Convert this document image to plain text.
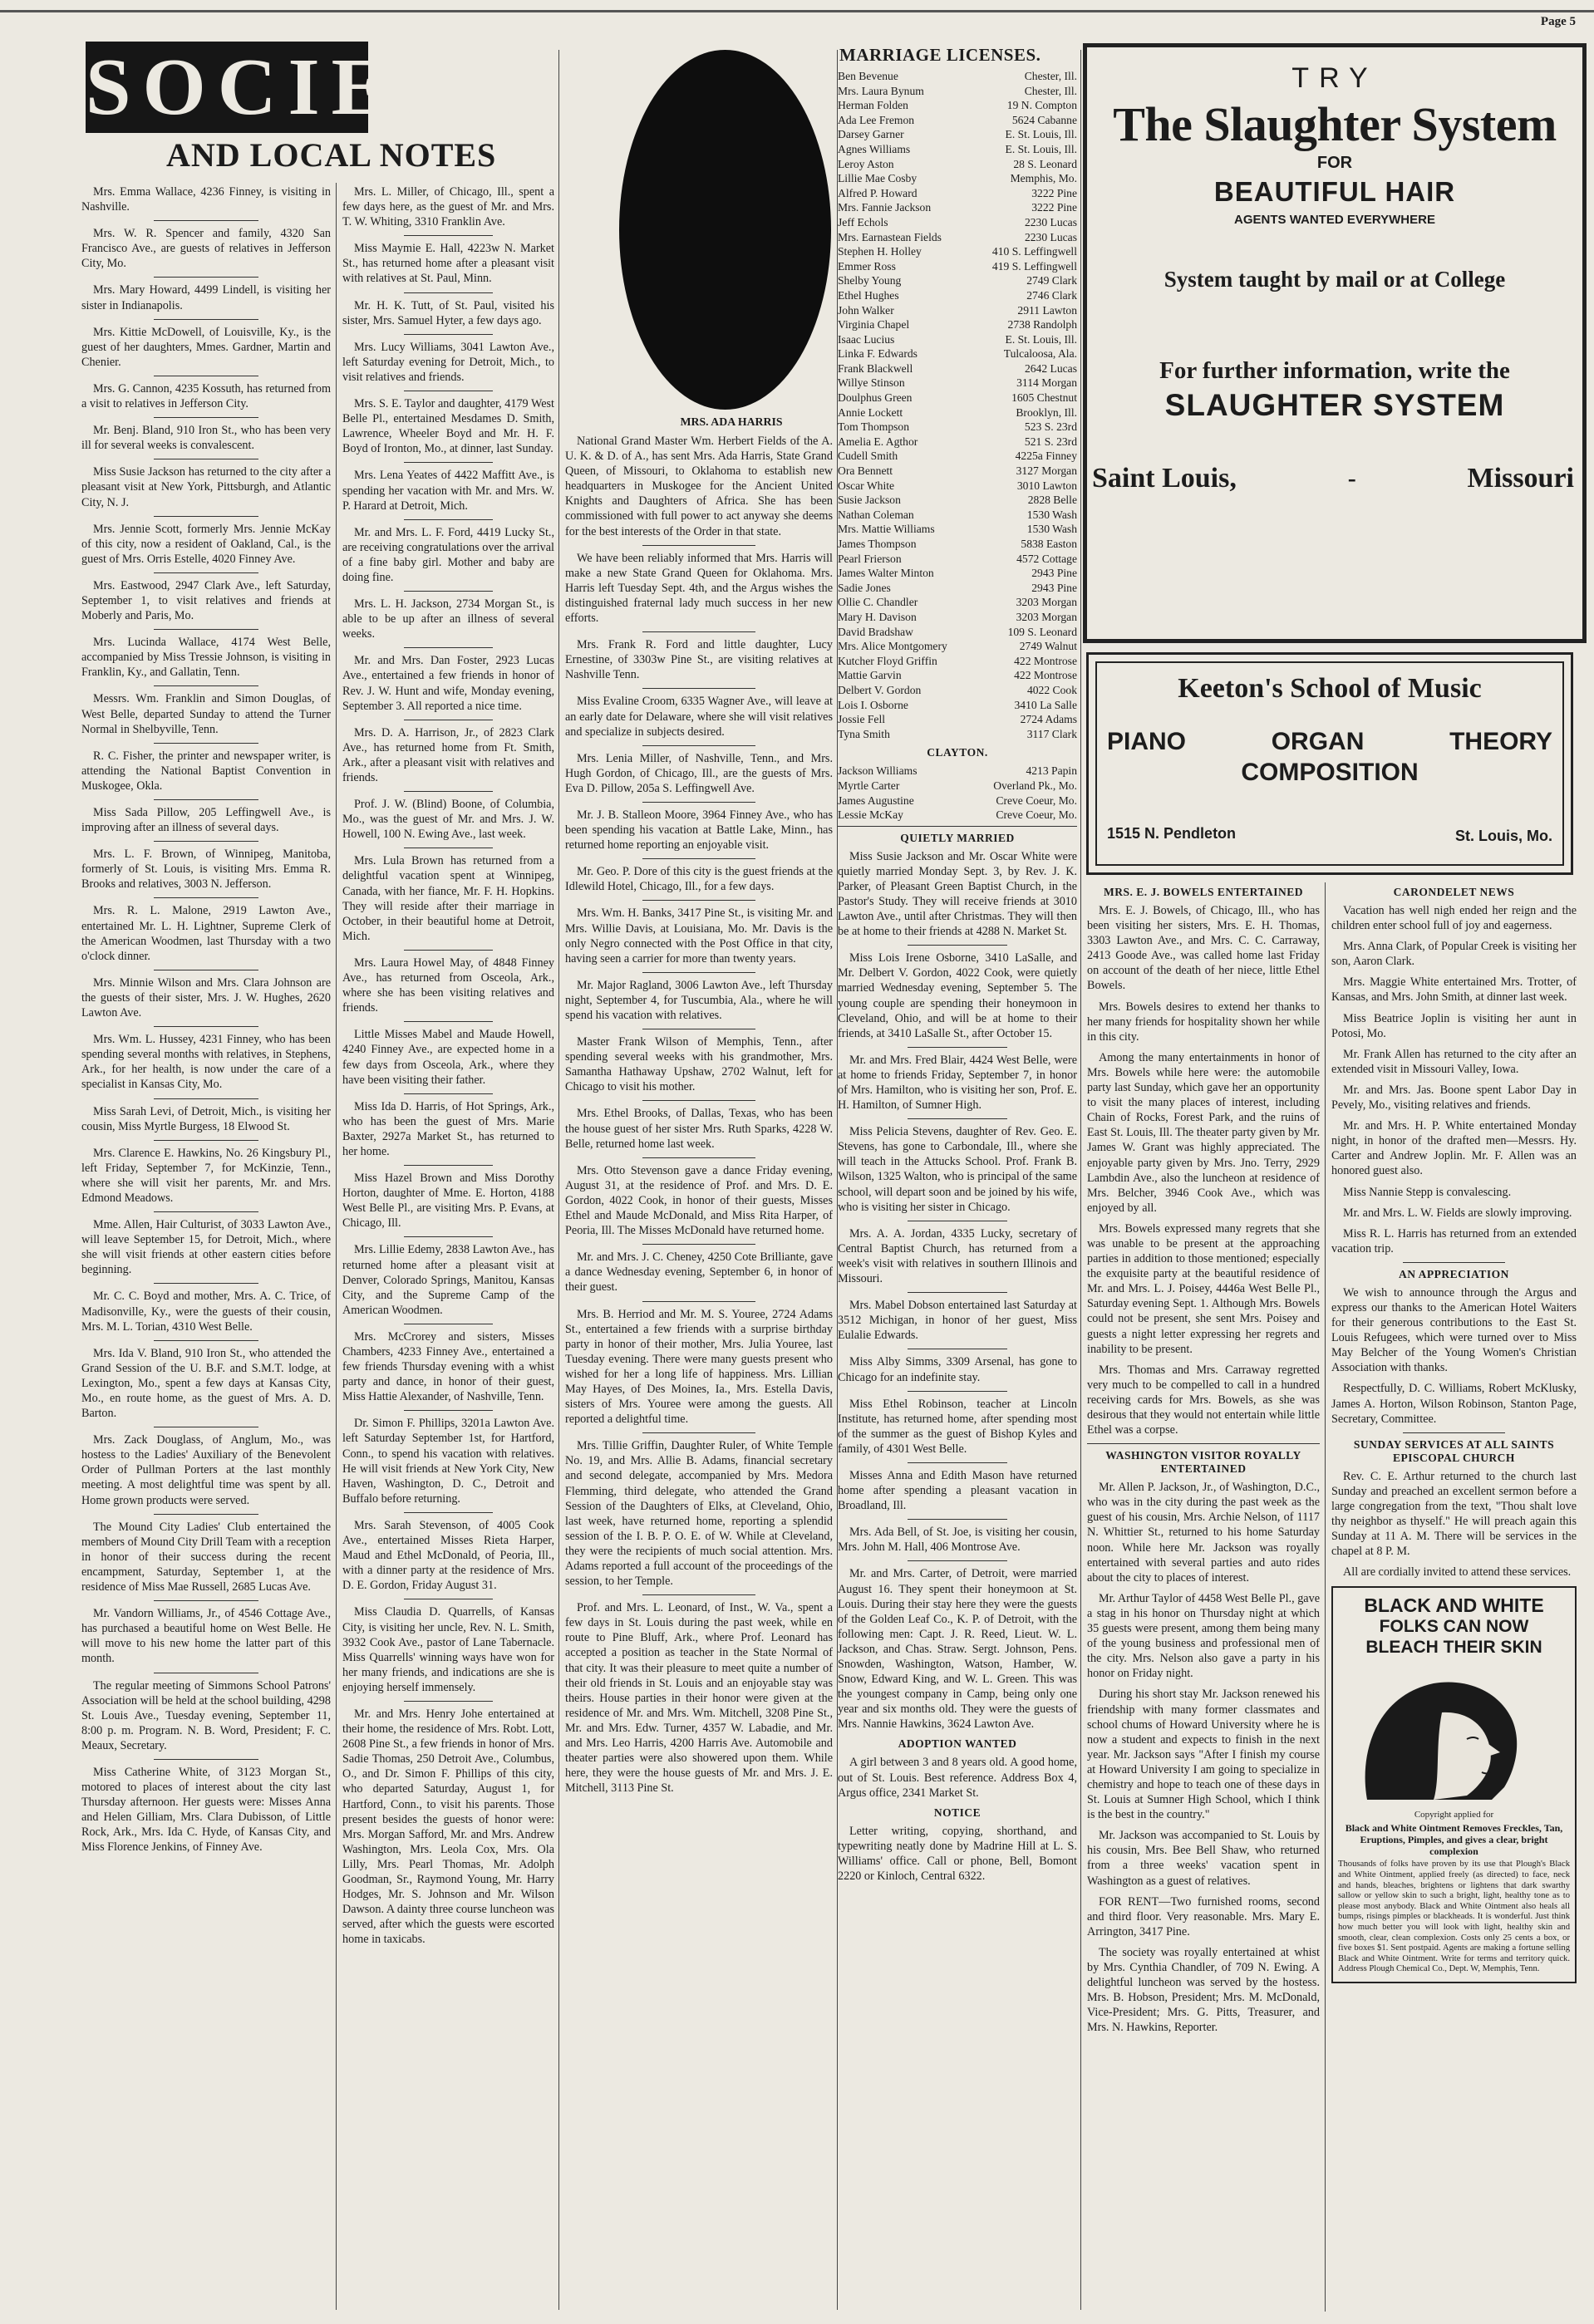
Page 5
SOCIETY
AND LOCAL NOTES

Mrs. Emma Wallace, 4236 Finney, is visiting in Nashville.

Mrs. W. R. Spencer and family, 4320 San Francisco Ave., are guests of relatives in Jefferson City, Mo.

Mrs. Mary Howard, 4499 Lindell, is visiting her sister in Indianapolis.

Mrs. Kittie McDowell, of Louisville, Ky., is the guest of her daughters, Mmes. Gardner, Martin and Chenier.

Mrs. G. Cannon, 4235 Kossuth, has returned from a visit to relatives in Jefferson City.

Mr. Benj. Bland, 910 Iron St., who has been very ill for several weeks is convalescent.

Miss Susie Jackson has returned to the city after a pleasant visit at New York, Pittsburgh, and Atlantic City, N. J.

Mrs. Jennie Scott, formerly Mrs. Jennie McKay of this city, now a resident of Oakland, Cal., is the guest of Mrs. Orris Estelle, 4020 Finney Ave.

Mrs. Eastwood, 2947 Clark Ave., left Saturday, September 1, to visit relatives and friends at Moberly and Paris, Mo.

Mrs. Lucinda Wallace, 4174 West Belle, accompanied by Miss Tressie Johnson, is visiting in Franklin, Ky., and Gallatin, Tenn.

Messrs. Wm. Franklin and Simon Douglas, of West Belle, departed Sunday to attend the Turner Normal in Shelbyville, Tenn.

R. C. Fisher, the printer and newspaper writer, is attending the National Baptist Convention in Muskogee, Okla.

Miss Sada Pillow, 205 Leffingwell Ave., is improving after an illness of several days.

Mrs. L. F. Brown, of Winnipeg, Manitoba, formerly of St. Louis, is visiting Mrs. Emma R. Brooks and relatives, 3003 N. Jefferson.

Mrs. R. L. Malone, 2919 Lawton Ave., entertained Mr. L. H. Lightner, Supreme Clerk of the American Woodmen, last Thursday with a two o'clock dinner.

Mrs. Minnie Wilson and Mrs. Clara Johnson are the guests of their sister, Mrs. J. W. Hughes, 2620 Lawton Ave.

Mrs. Wm. L. Hussey, 4231 Finney, who has been spending several months with relatives, in Stephens, Ark., for her health, is now under the care of a specialist in Kansas City, Mo.

Miss Sarah Levi, of Detroit, Mich., is visiting her cousin, Miss Myrtle Burgess, 18 Elwood St.

Mrs. Clarence E. Hawkins, No. 26 Kingsbury Pl., left Friday, September 7, for McKinzie, Tenn., where she will visit her parents, Mr. and Mrs. Edmond Meadows.

Mme. Allen, Hair Culturist, of 3033 Lawton Ave., will leave September 15, for Detroit, Mich., where she will visit friends at other eastern cities before beginning.

Mr. C. C. Boyd and mother, Mrs. A. C. Trice, of Madisonville, Ky., were the guests of their cousin, Mrs. M. L. Torian, 4310 West Belle.

Mrs. Ida V. Bland, 910 Iron St., who attended the Grand Session of the U. B.F. and S.M.T. lodge, at Lexington, Mo., spent a few days at Kansas City, Mo., en route home, as the guest of Mrs. A. D. Barton.

Mrs. Zack Douglass, of Anglum, Mo., was hostess to the Ladies' Auxiliary of the Benevolent Order of Pullman Porters at the last monthly meeting. A most delightful time was spent by all. Home grown products were served.

The Mound City Ladies' Club entertained the members of Mound City Drill Team with a reception in honor of their success during the recent encampment, Saturday, September 1, at the residence of Miss Mae Russell, 2685 Lucas Ave.

Mr. Vandorn Williams, Jr., of 4546 Cottage Ave., has purchased a beautiful home on West Belle. He will move to his new home the latter part of this month.

The regular meeting of Simmons School Patrons' Association will be held at the school building, 4298 St. Louis Ave., Tuesday evening, September 11, 8:00 p. m. Program. N. B. Word, President; F. C. Meaux, Secretary.

Miss Catherine White, of 3123 Morgan St., motored to places of interest about the city last Thursday afternoon. Her guests were: Misses Anna and Helen Gilliam, Mrs. Clara Dubisson, of Little Rock, Ark., Mrs. Ida C. Hyde, of Kansas City, and Miss Florence Jenkins, of Finney Ave.

Mrs. L. Miller, of Chicago, Ill., spent a few days here, as the guest of Mr. and Mrs. T. W. Whiting, 3310 Franklin Ave.

Miss Maymie E. Hall, 4223w N. Market St., has returned home after a pleasant visit with relatives at St. Paul, Minn.

Mr. H. K. Tutt, of St. Paul, visited his sister, Mrs. Samuel Hyter, a few days ago.

Mrs. Lucy Williams, 3041 Lawton Ave., left Saturday evening for Detroit, Mich., to visit relatives and friends.

Mrs. S. E. Taylor and daughter, 4179 West Belle Pl., entertained Mesdames D. Smith, Lawrence, Wheeler Boyd and Mr. H. F. Boyd of Ironton, Mo., at dinner, last Sunday.

Mrs. Lena Yeates of 4422 Maffitt Ave., is spending her vacation with Mr. and Mrs. W. P. Harard at Detroit, Mich.

Mr. and Mrs. L. F. Ford, 4419 Lucky St., are receiving congratulations over the arrival of a fine baby girl. Mother and baby are doing fine.

Mrs. L. H. Jackson, 2734 Morgan St., is able to be up after an illness of several weeks.

Mr. and Mrs. Dan Foster, 2923 Lucas Ave., entertained a few friends in honor of Rev. J. W. Hunt and wife, Monday evening, September 3. All reported a nice time.

Mrs. D. A. Harrison, Jr., of 2823 Clark Ave., has returned home from Ft. Smith, Ark., after a pleasant visit with relatives and friends.

Prof. J. W. (Blind) Boone, of Columbia, Mo., was the guest of Mr. and Mrs. J. W. Howell, 100 N. Ewing Ave., last week.

Mrs. Lula Brown has returned from a delightful vacation spent at Winnipeg, Canada, with her fiance, Mr. F. H. Hopkins. They will reside after their marriage in October, in their beautiful home at Detroit, Mich.

Mrs. Laura Howel May, of 4848 Finney Ave., has returned from Osceola, Ark., where she has been visiting relatives and friends.

Little Misses Mabel and Maude Howell, 4240 Finney Ave., are expected home in a few days from Osceola, Ark., where they have been visiting their father.

Miss Ida D. Harris, of Hot Springs, Ark., who has been the guest of Mrs. Marie Baxter, 2927a Market St., has returned to her home.

Miss Hazel Brown and Miss Dorothy Horton, daughter of Mme. E. Horton, 4188 West Belle Pl., are visiting Mrs. P. Evans, at Chicago, Ill.

Mrs. Lillie Edemy, 2838 Lawton Ave., has returned home after a pleasant visit at Denver, Colorado Springs, Manitou, Kansas City, and the Supreme Camp of the American Woodmen.

Mrs. McCrorey and sisters, Misses Chambers, 4233 Finney Ave., entertained a few friends Thursday evening with a whist party and dance, in honor of their guest, Miss Hattie Alexander, of Nashville, Tenn.

Dr. Simon F. Phillips, 3201a Lawton Ave. left Saturday September 1st, for Hartford, Conn., to spend his vacation with relatives. He will visit friends at New York City, New Haven, Washington, D. C., Detroit and Buffalo before returning.

Mrs. Sarah Stevenson, of 4005 Cook Ave., entertained Misses Rieta Harper, Maud and Ethel McDonald, of Peoria, Ill., with a dinner party at the residence of Mrs. D. E. Gordon, Friday August 31.

Miss Claudia D. Quarrells, of Kansas City, is visiting her uncle, Rev. N. L. Smith, 3932 Cook Ave., pastor of Lane Tabernacle. Miss Quarrells' winning ways have won for her many friends, and indications are she is enjoying herself immensely.

Mr. and Mrs. Henry Johe entertained at their home, the residence of Mrs. Robt. Lott, 2608 Pine St., a few friends in honor of Mrs. Sadie Thomas, 250 Detroit Ave., Columbus, O., and Dr. Simon F. Phillips of this city, who departed Saturday, August 1, for Hartford, Conn., to visit his parents. Those present besides the guests of honor were: Mrs. Morgan Safford, Mr. and Mrs. Andrew Washington, Mrs. Leola Cox, Mrs. Ola Lilly, Mrs. Pearl Thomas, Mr. Adolph Goodman, Sr., Raymond Young, Mr. Harry Hodges, Mr. S. Johnson and Mr. Wilson Dawson. A dainty three course luncheon was served, after which the guests were escorted home in taxicabs.

MRS. ADA HARRIS

National Grand Master Wm. Herbert Fields of the A. U. K. & D. of A., has sent Mrs. Ada Harris, State Grand Queen, of Missouri, to Oklahoma to establish new headquarters in Muskogee for the Ancient United Knights and Daughters of Africa. She has been commissioned with full power to act anyway she deems for the best interests of the Order in that state.

We have been reliably informed that Mrs. Harris will make a new State Grand Queen for Oklahoma. Mrs. Harris left Tuesday Sept. 4th, and the Argus wishes the distinguished fraternal lady much success in her new efforts.

Mrs. Frank R. Ford and little daughter, Lucy Ernestine, of 3303w Pine St., are visiting relatives at Nashville Tenn.

Miss Evaline Croom, 6335 Wagner Ave., will leave at an early date for Delaware, where she will visit relatives and specialize in subjects desired.

Mrs. Lenia Miller, of Nashville, Tenn., and Mrs. Hugh Gordon, of Chicago, Ill., are the guests of Mrs. Eva D. Pillow, 205a S. Leffingwell Ave.

Mr. J. B. Stalleon Moore, 3964 Finney Ave., who has been spending his vacation at Battle Lake, Minn., has returned home reporting an enjoyable visit.

Mr. Geo. P. Dore of this city is the guest friends at the Idlewild Hotel, Chicago, Ill., for a few days.

Mrs. Wm. H. Banks, 3417 Pine St., is visiting Mr. and Mrs. Willie Davis, at Louisiana, Mo. Mr. Davis is the only Negro connected with the Post Office in that city, having seen a carrier for more than twenty years.

Mr. Major Ragland, 3006 Lawton Ave., left Thursday night, September 4, for Tuscumbia, Ala., where he will spend his vacation with relatives.

Master Frank Wilson of Memphis, Tenn., after spending several weeks with his grandmother, Mrs. Samantha Hathaway Upshaw, 2702 Walnut, left for Chicago to visit his mother.

Mrs. Ethel Brooks, of Dallas, Texas, who has been the house guest of her sister Mrs. Ruth Sparks, 4228 W. Belle, returned home last week.

Mrs. Otto Stevenson gave a dance Friday evening, August 31, at the residence of Prof. and Mrs. D. E. Gordon, 4022 Cook, in honor of their guests, Misses Ethel and Maude McDonald, and Miss Rita Harper, of Peoria, Ill. The Misses McDonald have returned home.

Mr. and Mrs. J. C. Cheney, 4250 Cote Brilliante, gave a dance Wednesday evening, September 6, in honor of their guest.

Mrs. B. Herriod and Mr. M. S. Youree, 2724 Adams St., entertained a few friends with a surprise birthday party in honor of their mother, Mrs. Julia Youree, last Tuesday evening. There were many guests present who wished for her a long life of happiness. Mrs. Lillian May Hayes, of Des Moines, Ia., Mrs. Estella Davis, sisters of Mrs. Youree were among the guests. All reported a delightful time.

Mrs. Tillie Griffin, Daughter Ruler, of White Temple No. 19, and Mrs. Allie B. Adams, financial secretary and second delegate, accompanied by Mrs. Medora Flemming, third delegate, who attended the Grand Session of the Daughters of Elks, at Cleveland, Ohio, last week, have returned home, reporting a splendid session of the I. B. P. O. E. of W. While at Cleveland, they were the recipients of much social attention. Mrs. Adams reported a full account of the proceedings of the session, to her Temple.

Prof. and Mrs. L. Leonard, of Inst., W. Va., spent a few days in St. Louis during the past week, while en route to Pine Bluff, Ark., where Prof. Leonard has accepted a position as teacher in the State Normal of that city. It was their pleasure to meet quite a number of their old friends in St. Louis and an enjoyable stay was theirs. House parties in their honor were given at the residence of Mr. and Mrs. Wm. Mitchell, 3208 Pine St., Mr. and Mrs. Edw. Turner, 4357 W. Labadie, and Mr. and Mrs. Leo Harris, 4200 Harris Ave. Automobile and theater parties were also showered upon them. While here, they were the house guests of Mr. and Mrs. J. E. Mitchell, 3113 Pine St.

MARRIAGE LICENSES.
Ben Bevenue	Chester, Ill.
Mrs. Laura Bynum	Chester, Ill.
Herman Folden	19 N. Compton
Ada Lee Fremon	5624 Cabanne
Darsey Garner	E. St. Louis, Ill.
Agnes Williams	E. St. Louis, Ill.
Leroy Aston	28 S. Leonard
Lillie Mae Cosby	Memphis, Mo.
Alfred P. Howard	3222 Pine
Mrs. Fannie Jackson	3222 Pine
Jeff Echols	2230 Lucas
Mrs. Earnastean Fields	2230 Lucas
Stephen H. Holley	410 S. Leffingwell
Emmer Ross	419 S. Leffingwell
Shelby Young	2749 Clark
Ethel Hughes	2746 Clark
John Walker	2911 Lawton
Virginia Chapel	2738 Randolph
Isaac Lucius	E. St. Louis, Ill.
Linka F. Edwards	Tulcaloosa, Ala.
Frank Blackwell	2642 Lucas
Willye Stinson	3114 Morgan
Doulphus Green	1605 Chestnut
Annie Lockett	Brooklyn, Ill.
Tom Thompson	523 S. 23rd
Amelia E. Agthor	521 S. 23rd
Cudell Smith	4225a Finney
Ora Bennett	3127 Morgan
Oscar White	3010 Lawton
Susie Jackson	2828 Belle
Nathan Coleman	1530 Wash
Mrs. Mattie Williams	1530 Wash
James Thompson	5838 Easton
Pearl Frierson	4572 Cottage
James Walter Minton	2943 Pine
Sadie Jones	2943 Pine
Ollie C. Chandler	3203 Morgan
Mary H. Davison	3203 Morgan
David Bradshaw	109 S. Leonard
Mrs. Alice Montgomery	2749 Walnut
Kutcher Floyd Griffin	422 Montrose
Mattie Garvin	422 Montrose
Delbert V. Gordon	4022 Cook
Lois I. Osborne	3410 La Salle
Jossie Fell	2724 Adams
Tyna Smith	3117 Clark
CLAYTON.
Jackson Williams	4213 Papin
Myrtle Carter	Overland Pk., Mo.
James Augustine	Creve Coeur, Mo.
Lessie McKay	Creve Coeur, Mo.
QUIETLY MARRIED

Miss Susie Jackson and Mr. Oscar White were quietly married Monday Sept. 3, by Rev. J. K. Parker, of Pleasant Green Baptist Church, in the Pastor's Study. They will receive friends at 3010 Lawton Ave., until after Christmas. They will then be at home to their friends at 4288 N. Market St.

Miss Lois Irene Osborne, 3410 LaSalle, and Mr. Delbert V. Gordon, 4022 Cook, were quietly married Wednesday evening, September 5. The young couple are spending their honeymoon in Cleveland, Ohio, and will be at home to their friends, at 3410 LaSalle St., after October 15.

Mr. and Mrs. Fred Blair, 4424 West Belle, were at home to friends Friday, September 7, in honor of Mrs. Hamilton, who is visiting her son, Prof. E. H. Hamilton, of Sumner High.

Miss Pelicia Stevens, daughter of Rev. Geo. E. Stevens, has gone to Carbondale, Ill., where she will teach in the Attucks School. Prof. Frank B. Wilson, 1325 Walton, who is principal of the same school, will depart soon and be joined by his wife, who is visiting her sister in Chicago.

Mrs. A. A. Jordan, 4335 Lucky, secretary of Central Baptist Church, has returned from a week's visit with relatives in southern Illinois and Missouri.

Mrs. Mabel Dobson entertained last Saturday at 3512 Michigan, in honor of her guest, Miss Eulalie Edwards.

Miss Alby Simms, 3309 Arsenal, has gone to Chicago for an indefinite stay.

Miss Ethel Robinson, teacher at Lincoln Institute, has returned home, after spending most of the summer as the guest of Bishop Kyles and family, of 4301 West Belle.

Misses Anna and Edith Mason have returned home after spending a pleasant vacation in Broadland, Ill.

Mrs. Ada Bell, of St. Joe, is visiting her cousin, Mrs. John M. Hall, 406 Montrose Ave.

Mr. and Mrs. Carter, of Detroit, were married August 16. They spent their honeymoon at St. Louis. During their stay here they were the guests of the Golden Leaf Co., K. P. of Detroit, with the following men: Capt. J. R. Reed, Lieut. W. L. Jackson, and Chas. Straw. Sergt. Johnson, Pens. Snowden, Washington, Watson, Hamber, W. Snow, Edward King, and W. L. Green. This was the youngest company in Camp, being only one year and six months old. They were the guests of Mrs. Nannie Hawkins, 3624 Lawton Ave.

ADOPTION WANTED

A girl between 3 and 8 years old. A good home, out of St. Louis. Best reference. Address Box 4, Argus office, 2341 Market St.

NOTICE

Letter writing, copying, shorthand, and typewriting neatly done by Madrine Hill at L. S. Williams' office. Call or phone, Bell, Bomont 2220 or Kinloch, Central 6322.

TRY
The Slaughter System
FOR
BEAUTIFUL HAIR
AGENTS WANTED EVERYWHERE
System taught by mail or at College
For further information, write the
SLAUGHTER SYSTEM
Saint Louis,	-	Missouri
Keeton's School of Music
PIANO	ORGAN	THEORY
COMPOSITION
1515 N. Pendleton	St. Louis, Mo.
MRS. E. J. BOWELS ENTERTAINED

Mrs. E. J. Bowels, of Chicago, Ill., who has been visiting her sisters, Mrs. E. H. Thomas, 3303 Lawton Ave., and Mrs. C. C. Carraway, 2413 Goode Ave., was called home last Friday on account of the death of her niece, little Ethel Bowels.

Mrs. Bowels desires to extend her thanks to her many friends for hospitality shown her while in this city.

Among the many entertainments in honor of Mrs. Bowels while here were: the automobile party last Sunday, which gave her an opportunity to visit the many places of interest, including Chain of Rocks, Forest Park, and the ruins of East St. Louis, Ill. The theater party given by Mr. James W. Grant was highly appreciated. The enjoyable party given by Mrs. Jno. Terry, 2929 Lambdin Ave., also the luncheon at residence of Mrs. Belcher, 3946 Cook Ave., which was enjoyed by all.

Mrs. Bowels expressed many regrets that she was unable to be present at the approaching parties in addition to those mentioned; especially the exquisite party at the beautiful residence of Mr. and Mrs. L. J. Poisey, 4446a West Belle Pl., Saturday evening Sept. 1. Although Mrs. Bowels could not be present, she sent Mrs. Poisey and guests a night letter expressing her regrets and inability to be present.

Mrs. Thomas and Mrs. Carraway regretted very much to be compelled to call in a hundred receiving cards for Mrs. Bowels, as she was desirous that they would not entertain while little Ethel was a corpse.

WASHINGTON VISITOR ROYALLY ENTERTAINED

Mr. Allen P. Jackson, Jr., of Washington, D.C., who was in the city during the past week as the guest of his cousin, Mrs. Archie Nelson, of 1117 N. Whittier St., returned to his home Saturday noon. While here Mr. Jackson was royally entertained with several parties and auto rides about the city to places of interest.

Mr. Arthur Taylor of 4458 West Belle Pl., gave a stag in his honor on Thursday night at which 35 guests were present, among them being many of the young business and professional men of the city. Mrs. Nelson also gave a party in his honor on Friday night.

During his short stay Mr. Jackson renewed his friendship with many former classmates and school chums of Howard University where he is now a student and expects to finish in the next year. Mr. Jackson says "After I finish my course at Howard University I am going to specialize in chemistry and hope to teach one of these days in St. Louis at Sumner High School, which I think is the best in the country."

Mr. Jackson was accompanied to St. Louis by his cousin, Mrs. Bee Bell Shaw, who returned from a three weeks' vacation spent in Washington as a guest of relatives.

FOR RENT—Two furnished rooms, second and third floor. Very reasonable. Mrs. Mary E. Arrington, 3417 Pine.

The society was royally entertained at whist by Mrs. Cynthia Chandler, of 709 N. Ewing. A delightful luncheon was served by the hostess. Mrs. B. Hobson, President; Mrs. M. McDonald, Vice-President; Mrs. G. Pitts, Treasurer, and Mrs. N. Hawkins, Reporter.

CARONDELET NEWS

Vacation has well nigh ended her reign and the children enter school full of joy and eagerness.

Mrs. Anna Clark, of Popular Creek is visiting her son, Aaron Clark.

Mrs. Maggie White entertained Mrs. Trotter, of Kansas, and Mrs. John Smith, at dinner last week.

Miss Beatrice Joplin is visiting her aunt in Potosi, Mo.

Mr. Frank Allen has returned to the city after an extended visit in Missouri Valley, Iowa.

Mr. and Mrs. Jas. Boone spent Labor Day in Pevely, Mo., visiting relatives and friends.

Mr. and Mrs. H. P. White entertained Monday night, in honor of the drafted men—Messrs. Hy. Carter and Andrew Joplin. Mr. F. Allen was an honored guest also.

Miss Nannie Stepp is convalescing.

Mr. and Mrs. L. W. Fields are slowly improving.

Miss R. L. Harris has returned from an extended vacation trip.

AN APPRECIATION

We wish to announce through the Argus and express our thanks to the American Hotel Waiters for their generous contributions to the East St. Louis Refugees, which were turned over to Miss May Belcher of the Young Women's Christian Association with thanks.

Respectfully, D. C. Williams, Robert McKlusky, James A. Horton, Wilson Robinson, Stanton Page, Secretary, Committee.

SUNDAY SERVICES AT ALL SAINTS EPISCOPAL CHURCH

Rev. C. E. Arthur returned to the church last Sunday and preached an excellent sermon before a large congregation from the text, "Thou shalt love thy neighbor as thyself." He will preach again this Sunday at 11 A. M. There will be services in the chapel at 8 P. M.

All are cordially invited to attend these services.

BLACK AND WHITE
FOLKS CAN NOW
BLEACH THEIR SKIN
Copyright applied for
Black and White Ointment Removes Freckles, Tan, Eruptions, Pimples, and gives a clear, bright complexion
Thousands of folks have proven by its use that Plough's Black and White Ointment, applied freely (as directed) to face, neck and hands, bleaches, brightens or lightens that dark swarthy sallow or yellow skin to such a bright, light, healthy tone as to please most anybody. Black and White Ointment also heals all bumps, risings pimples or blackheads. It is wonderful. Just think how much better you will look with light, healthy skin and smooth, clear, clean complexion. Costs only 25 cents a box, or five boxes $1. Sent postpaid. Agents are making a fortune selling Black and White Ointment. Write for terms and territory quick. Address Plough Chemical Co., Dept. W, Memphis, Tenn.
